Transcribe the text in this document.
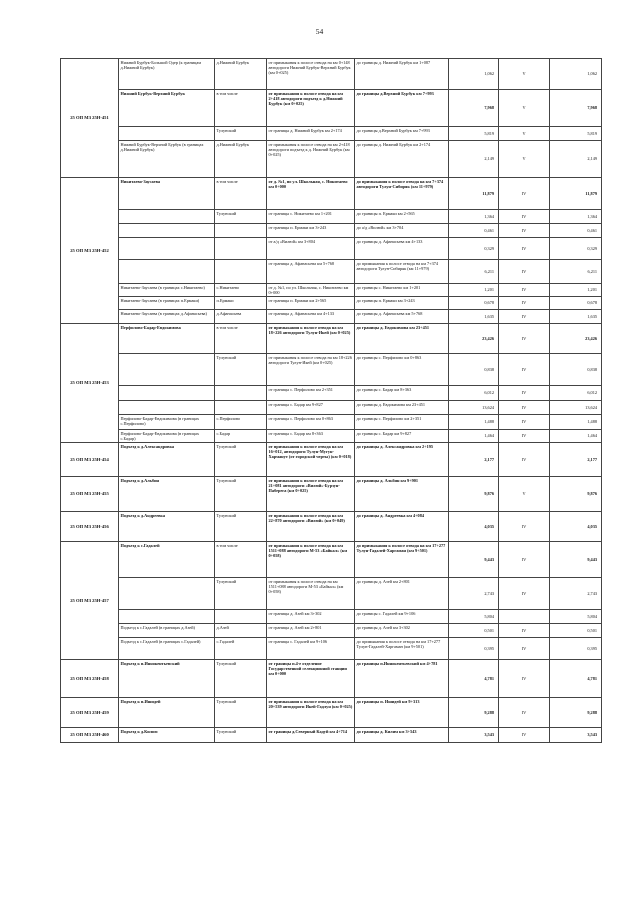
54
25 ОП МЗ 25Н-451	Нижний Бурбук-Большой Одер (к границам д.Нижний Бурбук)	д.Нижний Бурбук	от примыкания к полосе отвода на км 0+148 автодороги Нижний Бурбук-Верхний Бурбук (км 0+025)	до границы д. Нижний Бурбук км 1+087	1,062	V	1,062
	Нижний Бурбук-Верхний Бурбук	в том числе	от примыкания к полосе отвода на км 2+418 автодороги подъезд к д.Нижний Бурбук (км 0+025)	до границы д.Верхний Бурбук км 7+993	7,968	V	7,968
		Тулунский	от границы д. Нижний Бурбук км 2+174	до границы д.Верхний Бурбук км 7+993	5,819	V	5,819
	Нижний Бурбук-Верхний Бурбук (в границах д.Нижний Бурбук)	д.Нижний Бурбук	от примыкания к полосе отвода на км 2+418 автодороги подъезд к д. Нижний Бурбук (км 0+025)	до границы д. Нижний Бурбук км 2+174	2,149	V	2,149
25 ОП МЗ 25Н-452	Никитаево-Заусаева	в том числе	от д. №1, по ул. Школьная, с. Никитаево км 0+000	до примыкания к полосе отвода на км 7+374 автодороги Тулун-Сибиряк (км 11+979)	11,879	IV	11,879
		Тулунский	от границы с. Никитаево км 1+201	до границы п. Ермаки км 2+565	1,364	IV	1,364
			от границы п. Ермаки км 3+243	до а/д «Вилюй» км 3+704	0,461	IV	0,461
			от а/д «Вилюй» км 3+804	до границы д. Афанасьева км 4+133	0,329	IV	0,329
			от границы д. Афанасьева км 5+768	до примыкания к полосе отвода на км 7+374 автодороги Тулун-Сибиряк (км 11+979)	6,211	IV	6,211
	Никитаево-Заусаева (в границах с.Никитаево)	с.Никитаево	от д. №1, по ул. Школьная, с. Никитаево км 0+000	до границы с. Никитаево км 1+201	1,201	IV	1,201
	Никитаево-Заусаева (в границах п.Ермаки)	п.Ермаки	от границы п. Ермаки км 2+565	до границы п. Ермаки км 3+243	0,678	IV	0,678
	Никитаево-Заусаева (в границах д.Афанасьева)	д.Афанасьева	от границы д. Афанасьева км 4+133	до границы д. Афанасьева км 5+768	1,635	IV	1,635
25 ОП МЗ 25Н-453	Перфилово-Бадар-Евдокимова	в том числе	от примыкания к полосе отвода на км 18+226 автодороги Тулун-Икей (км 0+025)	до границы д. Евдокимова км 23+451	23,426	IV	23,426
		Тулунский	от примыкания к полосе отвода на км 18+226 автодороги Тулун-Икей (км 0+025)	до границы с. Перфилово км 0+863	0,838	IV	0,838
			от границы с. Перфилово км 2+351	до границы с. Бадар км 8+363	6,012	IV	6,012
			от границы с. Бадар км 9+827	до границы д. Евдокимова км 23+451	13,624	IV	13,624
	Перфилово-Бадар-Евдокимова (в границах с.Перфилово)	с.Перфилово	от границы с. Перфилово км 0+863	до границы с. Перфилово км 2+351	1,488	IV	1,488
	Перфилово-Бадар-Евдокимова (в границах с.Бадар)	с.Бадар	от границы с. Бадар км 8+363	до границы с. Бадар км 9+827	1,464	IV	1,464
25 ОП МЗ 25Н-454	Подъезд к д.Александровка	Тулунский	от примыкания к полосе отвода на км 16+012, автодороги Тулун-Мугун-Харманут (от городской черты) (км 0+018)	до границы д. Александровка км 2+195	2,177	IV	2,177
25 ОП МЗ 25Н-455	Подъезд к д.Альбин	Тулунский	от примыкания к полосе отвода на км 21+081 автодороги «Вилюй»-Бурзун-Паберега (км 0+025)	до границы д. Альбин км 9+901	9,876	V	9,876
25 ОП МЗ 25Н-456	Подъезд к д.Андреевка	Тулунский	от примыкания к полосе отвода на км 22+870 автодороги «Вилюй» (км 0+049)	до границы д. Андреевка км 4+084	4,035	IV	4,035
25 ОП МЗ 25Н-457	Подъезд к с.Гадалей	в том числе	от примыкания к полосе отвода на км 1511+088 автодороги М-53 «Байкал» (км 0+058)	до примыкания к полосе отвода на км 17+277 Тулун-Гадалей-Харгаман (км 9+501)	9,443	IV	9,443
		Тулунский	от примыкания к полосе отвода на км 1511+088 автодороги М-53 «Байкал» (км 0+058)	до границы д. Азей км 2+801	2,743	IV	2,743
			от границы д. Азей км 3+302	до границы с. Гадалей км 9+106	5,804		5,804
	Подъезд к с.Гадалей (в границах д.Азей)	д.Азей	от границы д. Азей км 2+801	до границы д. Азей км 3+302	0,501	IV	0,501
	Подъезд к с.Гадалей (в границах с.Гадалей)	с.Гадалей	от границы с. Гадалей км 9+106	до примыкания к полосе отвода на км 17+277 Тулун-Гадалей-Харгаман (км 9+501)	0,395	IV	0,395
25 ОП МЗ 25Н-458	Подъезд к п.Иннокентьевский	Тулунский	от границы п.4-е отделение Государственной селекционной станции км 0+000	до границы п.Иннокентьевский км 4+781	4,781	IV	4,781
25 ОП МЗ 25Н-459	Подъезд к п.Ишидей	Тулунский	от примыкания к полосе отвода на км 20+539 автодороги Икей-Гадлун (км 0+025)	до границы п. Ишидей км 9+313	9,288	IV	9,288
25 ОП МЗ 25Н-460	Подъезд к д.Килим	Тулунский	от границы д.Северный Кадуй км 4+714	до границы д. Килим км 3+543	3,543	IV	3,543
